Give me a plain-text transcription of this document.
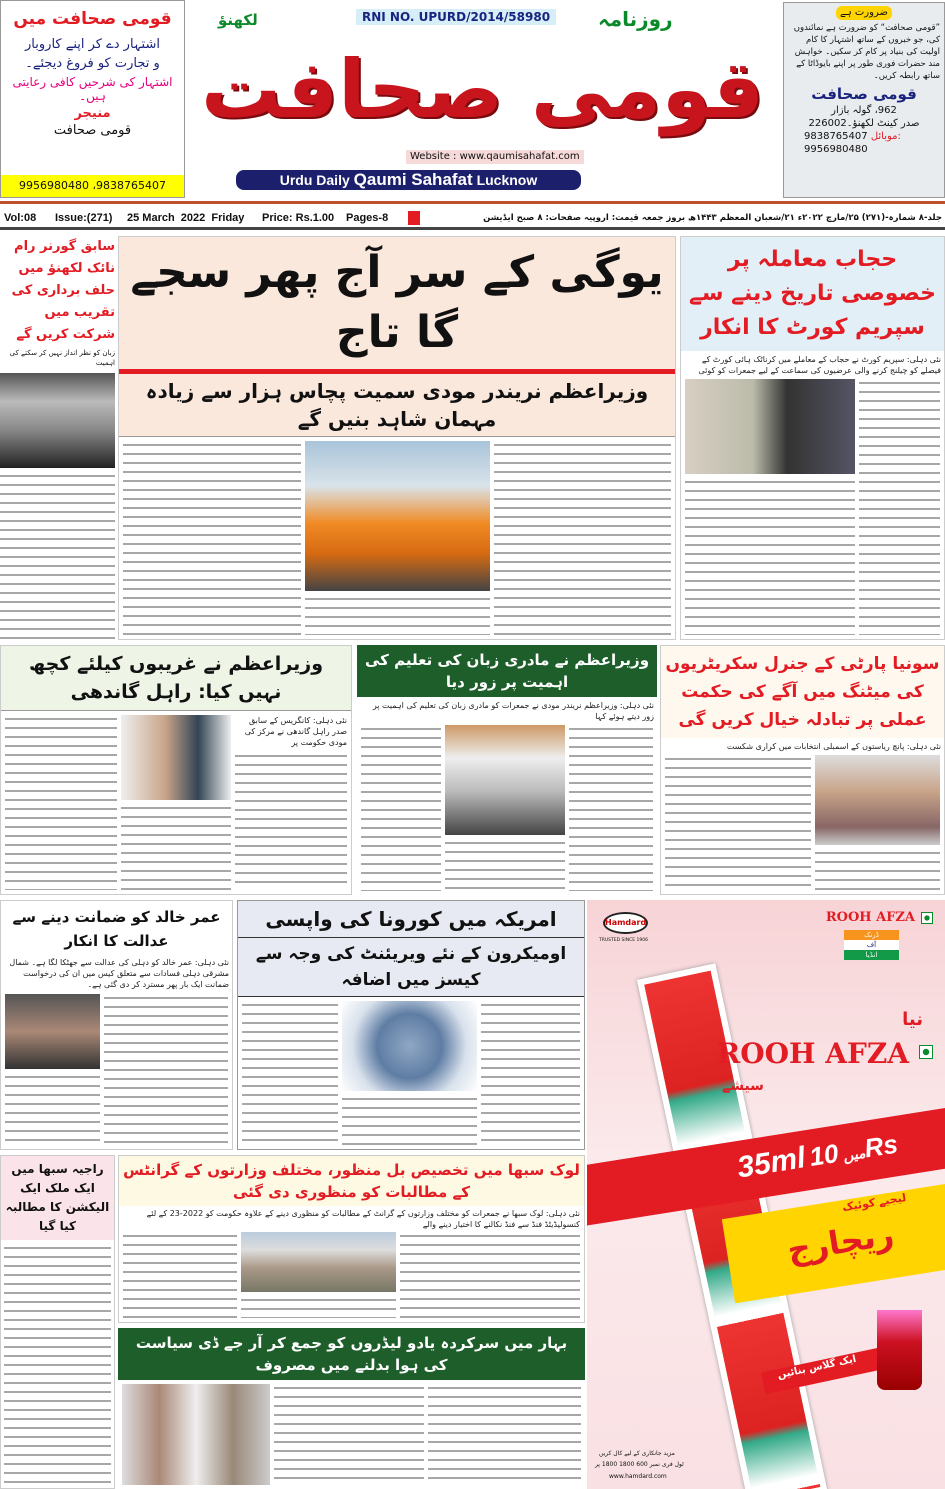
قومی صحافت میں
اشتہار دے کر اپنے کاروبار
و تجارت کو فروغ دیجئے۔
اشتہار کی شرحیں کافی رعایتی ہیں۔
منیجر
قومی صحافت
9956980480 ،9838765407
RNI NO. UPURD/2014/58980	روزنامہ
لکھنؤ
قومی صحافت
Website : www.qaumisahafat.com
Urdu Daily Qaumi Sahafat Lucknow
ضرورت ہے
”قومی صحافت“ کو ضرورت ہے نمائندوں کی، جو خبروں کے ساتھ اشتہار کا کام اولیت کی بنیاد پر کام کر سکیں۔ خواہش مند حضرات فوری طور پر اپنے بایوڈاٹا کے ساتھ رابطہ کریں۔
قومی صحافت
962، گولہ بازار
صدر کینٹ لکھنؤ۔226002
9838765407 موبائل:
9956980480
Vol:08 Issue:(271) 25 March  2022  Friday Price: Rs.1.00 Pages-8	جلد-۸ شمارہ-(۲۷۱) ۲۵/مارچ ۲۰۲۲ء ۲۱/شعبان المعظم ۱۴۴۳ھ بروز جمعہ قیمت: اروپیہ صفحات: ۸ صبح ایڈیشن
سابق گورنر رام نائک لکھنؤ میں حلف برداری کی تقریب میں شرکت کریں گے
زبان کو نظر انداز نہیں کر سکتے کی اہمیت
یوگی کے سر آج پھر سجے گا تاج
وزیراعظم نریندر مودی سمیت پچاس ہزار سے زیادہ مہمان شاہد بنیں گے
حجاب معاملہ پر خصوصی تاریخ دینے سے سپریم کورٹ کا انکار
نئی دہلی: سپریم کورٹ نے حجاب کے معاملے میں کرناٹک ہائی کورٹ کے فیصلے کو چیلنج کرنے والی عرضیوں کی سماعت کے لیے جمعرات کو کوئی
وزیراعظم نے غریبوں کیلئے کچھ نہیں کیا: راہل گاندھی
نئی دہلی: کانگریس کے سابق صدر راہل گاندھی نے مرکز کی مودی حکومت پر
وزیراعظم نے مادری زبان کی تعلیم کی اہمیت پر زور دیا
نئی دہلی: وزیراعظم نریندر مودی نے جمعرات کو مادری زبان کی تعلیم کی اہمیت پر زور دیتے ہوئے کہا
سونیا پارٹی کے جنرل سکریٹریوں کی میٹنگ میں آگے کی حکمت عملی پر تبادلہ خیال کریں گی
نئی دہلی: پانچ ریاستوں کے اسمبلی انتخابات میں کراری شکست
عمر خالد کو ضمانت دینے سے عدالت کا انکار
نئی دہلی: عمر خالد کو دہلی کی عدالت سے جھٹکا لگا ہے۔ شمال مشرقی دہلی فسادات سے متعلق کیس میں ان کی درخواست ضمانت ایک بار پھر مسترد کر دی گئی ہے۔
امریکہ میں کورونا کی واپسی
اومیکرون کے نئے ویریئنٹ کی وجہ سے کیسز میں اضافہ
Hamdard
TRUSTED SINCE 1906
ROOH AFZA
ڈرنک
آف
انڈیا
نیا
ROOH AFZA
سیشے
35ml میں 10Rs
لیجیے کوئیک
ریچارج
ایک گلاس بنائیں
مزید جانکاری کے لیے کال کریں
ٹول فری نمبر 600 1800 1800 پر
www.hamdard.com
راجیہ سبھا میں ایک ملک ایک الیکشن کا مطالبہ کیا گیا
لوک سبھا میں تخصیص بل منظور، مختلف وزارتوں کے گرانٹس کے مطالبات کو منظوری دی گئی
نئی دہلی: لوک سبھا نے جمعرات کو مختلف وزارتوں کے گرانٹ کے مطالبات کو منظوری دینے کے علاوہ حکومت کو 2022-23 کے لئے کنسولیڈیٹڈ فنڈ سے فنڈ نکالنے کا اختیار دینے والے
بہار میں سرکردہ یادو لیڈروں کو جمع کر آر جے ڈی سیاست کی ہوا بدلنے میں مصروف
